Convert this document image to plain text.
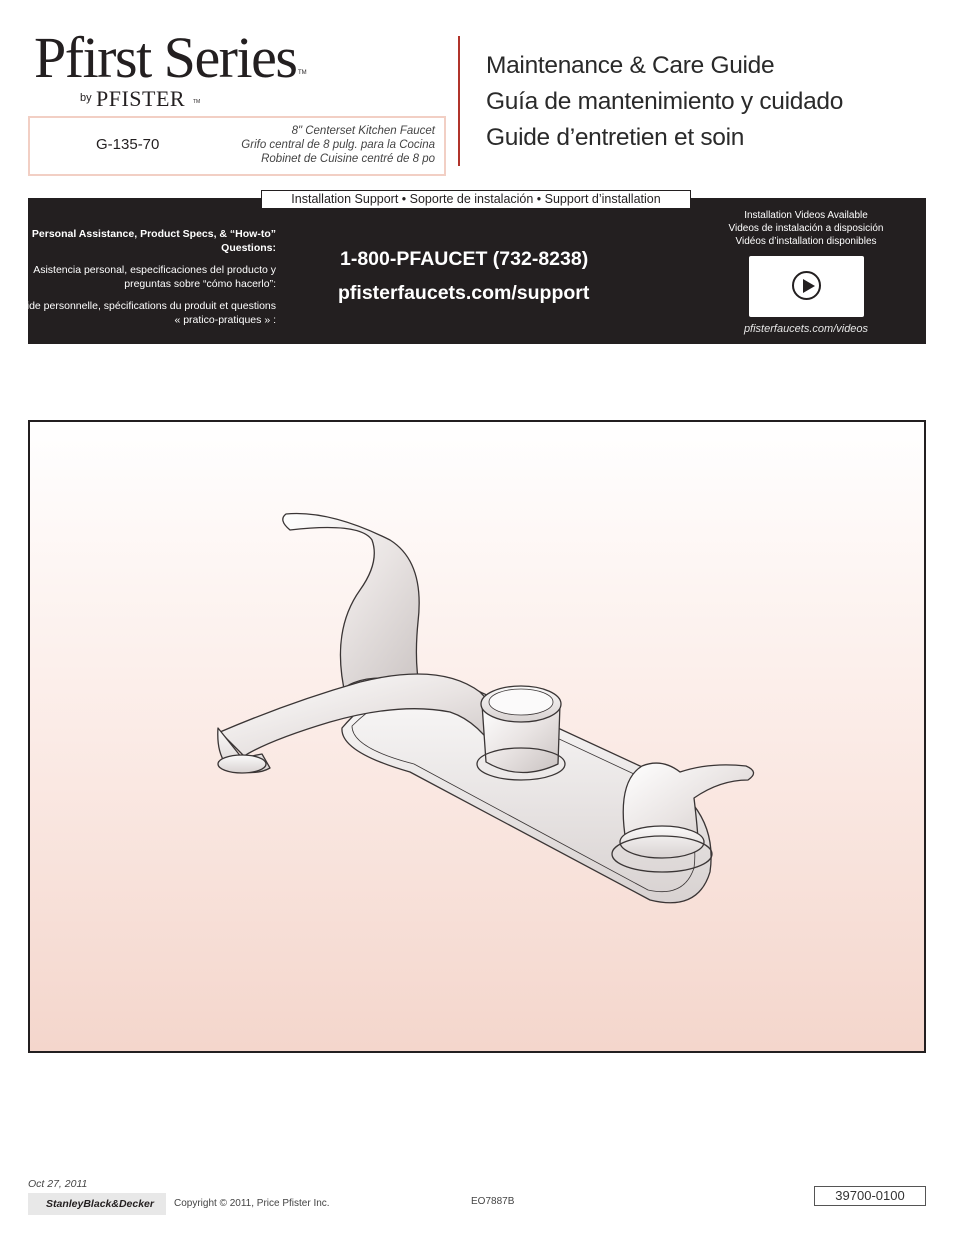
Pfirst Series TM
by PFISTER TM
G-135-70
8" Centerset Kitchen Faucet
Grifo central de 8 pulg. para la Cocina
Robinet de Cuisine centré de 8 po
Maintenance & Care Guide
Guía de mantenimiento y cuidado
Guide d’entretien et soin
Installation Support • Soporte de instalación • Support d’installation

Personal Assistance, Product Specs, & “How-to” Questions:

Asistencia personal, especificaciones del producto y preguntas sobre “cómo hacerlo”:

Aide personnelle, spécifications du produit et questions « pratico-pratiques » :

1-800-PFAUCET (732-8238)
pfisterfaucets.com/support
Installation Videos Available
Videos de instalación a disposición
Vidéos d’installation disponibles
pfisterfaucets.com/videos
Oct 27, 2011
StanleyBlack&Decker	Copyright © 2011, Price Pfister Inc.	EO7887B	39700-0100
